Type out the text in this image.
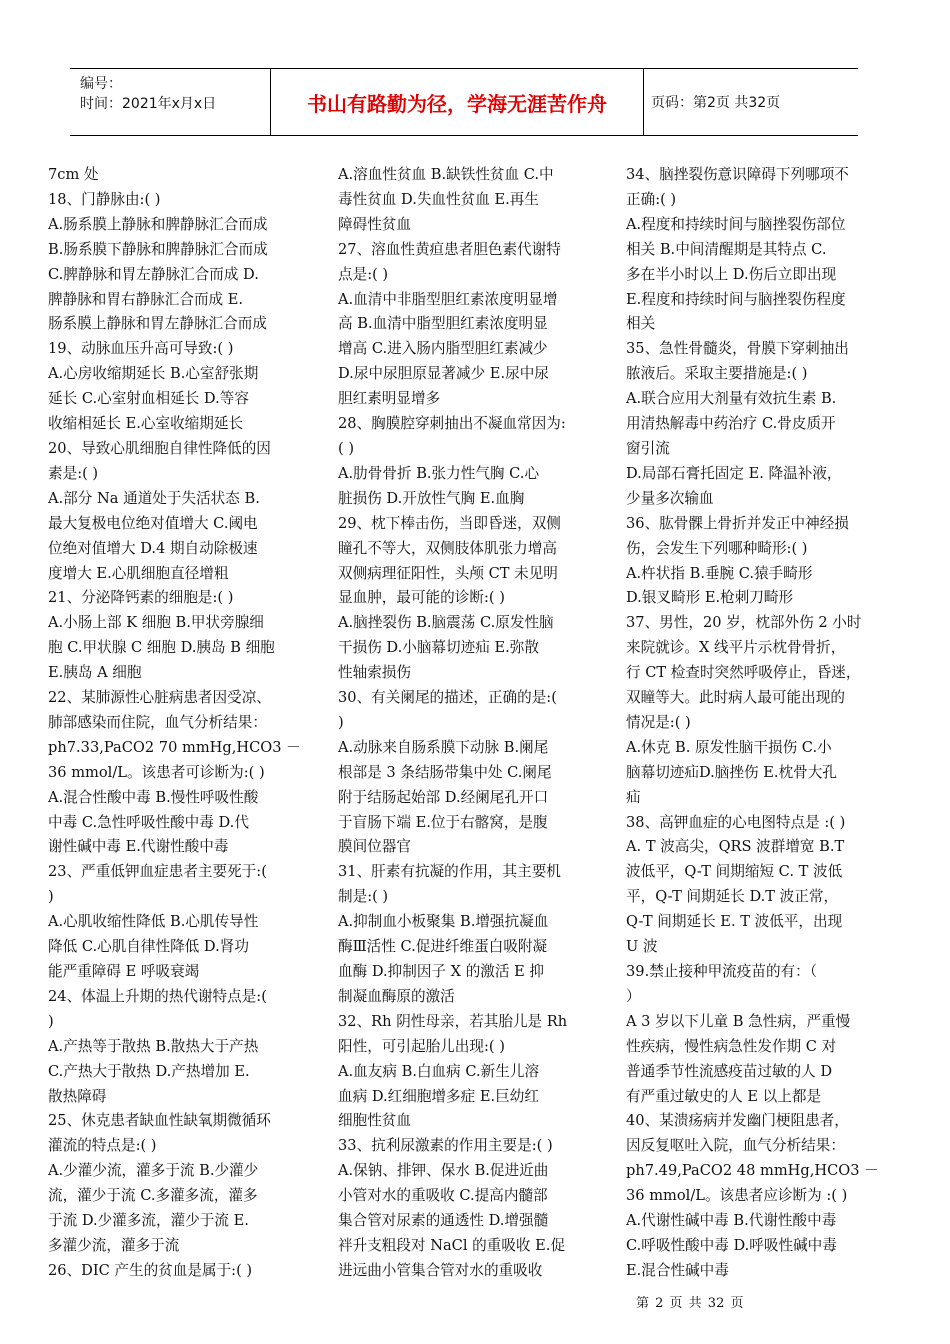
编号：
时间：2021年x月x日	书山有路勤为径，学海无涯苦作舟	页码：第2页 共32页

7cm 处

18、门静脉由:( )

A.肠系膜上静脉和脾静脉汇合而成

B.肠系膜下静脉和脾静脉汇合而成

C.脾静脉和胃左静脉汇合而成 D.

脾静脉和胃右静脉汇合而成 E.

肠系膜上静脉和胃左静脉汇合而成

19、动脉血压升高可导致:( )

A.心房收缩期延长 B.心室舒张期

延长 C.心室射血相延长 D.等容

收缩相延长 E.心室收缩期延长

20、导致心肌细胞自律性降低的因

素是:( )

A.部分 Na 通道处于失活状态 B.

最大复极电位绝对值增大 C.阈电

位绝对值增大 D.4 期自动除极速

度增大 E.心肌细胞直径增粗

21、分泌降钙素的细胞是:( )

A.小肠上部 K 细胞 B.甲状旁腺细

胞 C.甲状腺 C 细胞 D.胰岛 B 细胞

E.胰岛 A 细胞

22、某肺源性心脏病患者因受凉、

肺部感染而住院，血气分析结果：

ph7.33,PaCO2 70 mmHg,HCO3 －

36 mmol/L。该患者可诊断为:( )

A.混合性酸中毒 B.慢性呼吸性酸

中毒 C.急性呼吸性酸中毒 D.代

谢性碱中毒 E.代谢性酸中毒

23、严重低钾血症患者主要死于:(

)

A.心肌收缩性降低 B.心肌传导性

降低 C.心肌自律性降低 D.肾功

能严重障碍 E 呼吸衰竭

24、体温上升期的热代谢特点是:(

)

A.产热等于散热 B.散热大于产热

C.产热大于散热 D.产热增加 E.

散热障碍

25、休克患者缺血性缺氧期微循环

灌流的特点是:( )

A.少灌少流，灌多于流 B.少灌少

流，灌少于流 C.多灌多流，灌多

于流 D.少灌多流，灌少于流 E.

多灌少流，灌多于流

26、DIC 产生的贫血是属于:( )

A.溶血性贫血 B.缺铁性贫血 C.中

毒性贫血 D.失血性贫血 E.再生

障碍性贫血

27、溶血性黄疸患者胆色素代谢特

点是:( )

A.血清中非脂型胆红素浓度明显增

高 B.血清中脂型胆红素浓度明显

增高 C.进入肠内脂型胆红素减少

D.尿中尿胆原显著减少 E.尿中尿

胆红素明显增多

28、胸膜腔穿刺抽出不凝血常因为:

( )

A.肋骨骨折 B.张力性气胸 C.心

脏损伤 D.开放性气胸 E.血胸

29、枕下棒击伤，当即昏迷，双侧

瞳孔不等大，双侧肢体肌张力增高

双侧病理征阳性，头颅 CT 未见明

显血肿，最可能的诊断:( )

A.脑挫裂伤 B.脑震荡 C.原发性脑

干损伤 D.小脑幕切迹疝 E.弥散

性轴索损伤

30、有关阑尾的描述，正确的是:(

)

A.动脉来自肠系膜下动脉 B.阑尾

根部是 3 条结肠带集中处 C.阑尾

附于结肠起始部 D.经阑尾孔开口

于盲肠下端 E.位于右髂窝，是腹

膜间位器官

31、肝素有抗凝的作用，其主要机

制是:( )

A.抑制血小板聚集 B.增强抗凝血

酶Ⅲ活性 C.促进纤维蛋白吸附凝

血酶 D.抑制因子 X 的激活 E 抑

制凝血酶原的激活

32、Rh 阴性母亲，若其胎儿是 Rh

阳性，可引起胎儿出现:( )

A.血友病 B.白血病 C.新生儿溶

血病 D.红细胞增多症 E.巨幼红

细胞性贫血

33、抗利尿激素的作用主要是:( )

A.保钠、排钾、保水 B.促进近曲

小管对水的重吸收 C.提高内髓部

集合管对尿素的通透性 D.增强髓

袢升支粗段对 NaCl 的重吸收 E.促

进远曲小管集合管对水的重吸收

34、脑挫裂伤意识障碍下列哪项不

正确:( )

A.程度和持续时间与脑挫裂伤部位

相关 B.中间清醒期是其特点 C.

多在半小时以上 D.伤后立即出现

E.程度和持续时间与脑挫裂伤程度

相关

35、急性骨髓炎，骨膜下穿刺抽出

脓液后。采取主要措施是:( )

A.联合应用大剂量有效抗生素 B.

用清热解毒中药治疗 C.骨皮质开

窗引流

D.局部石膏托固定 E. 降温补液，

少量多次输血

36、肱骨髁上骨折并发正中神经损

伤，会发生下列哪种畸形:( )

A.杵状指 B.垂腕 C.猿手畸形

D.银叉畸形 E.枪刺刀畸形

37、男性，20 岁，枕部外伤 2 小时

来院就诊。X 线平片示枕骨骨折，

行 CT 检查时突然呼吸停止，昏迷，

双瞳等大。此时病人最可能出现的

情况是:( )

A.休克 B. 原发性脑干损伤 C.小

脑幕切迹疝D.脑挫伤 E.枕骨大孔

疝

38、高钾血症的心电图特点是 :( )

A. T 波高尖，QRS 波群增宽 B.T

波低平，Q-T 间期缩短 C. T 波低

平，Q-T 间期延长 D.T 波正常，

Q-T 间期延长 E. T 波低平，出现

U 波

39.禁止接种甲流疫苗的有：（

）

A 3 岁以下儿童 B 急性病，严重慢

性疾病，慢性病急性发作期 C 对

普通季节性流感疫苗过敏的人 D

有严重过敏史的人 E 以上都是

40、某溃疡病并发幽门梗阻患者，

因反复呕吐入院，血气分析结果：

ph7.49,PaCO2 48 mmHg,HCO3 －

36 mmol/L。该患者应诊断为 :( )

A.代谢性碱中毒 B.代谢性酸中毒

C.呼吸性酸中毒 D.呼吸性碱中毒

E.混合性碱中毒

第 2 页 共 32 页
